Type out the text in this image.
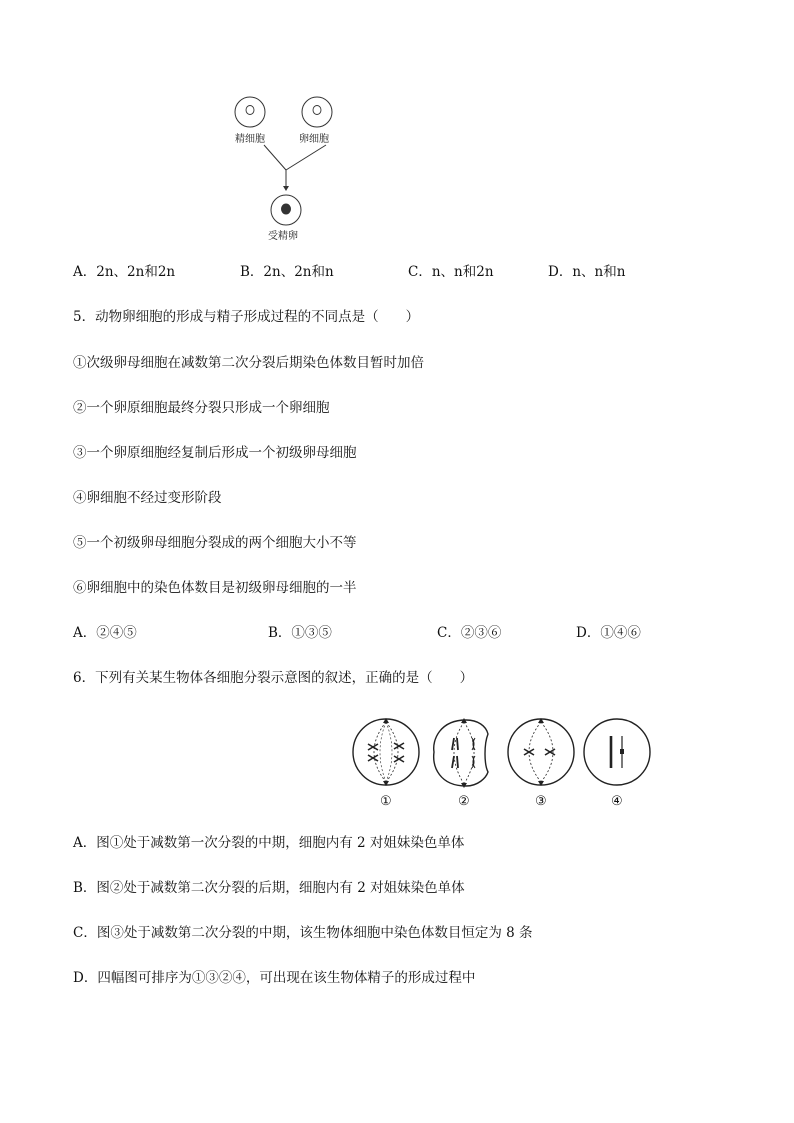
精细胞	卵细胞
受精卵
A．2n、2n和2n	B．2n、2n和n	C．n、n和2n	D．n、n和n
5．动物卵细胞的形成与精子形成过程的不同点是（　　）
①次级卵母细胞在减数第二次分裂后期染色体数目暂时加倍
②一个卵原细胞最终分裂只形成一个卵细胞
③一个卵原细胞经复制后形成一个初级卵母细胞
④卵细胞不经过变形阶段
⑤一个初级卵母细胞分裂成的两个细胞大小不等
⑥卵细胞中的染色体数目是初级卵母细胞的一半
A．②④⑤	B．①③⑤	C．②③⑥	D．①④⑥
6．下列有关某生物体各细胞分裂示意图的叙述，正确的是（　　）
①	②	③	④
A．图①处于减数第一次分裂的中期，细胞内有 2 对姐妹染色单体
B．图②处于减数第二次分裂的后期，细胞内有 2 对姐妹染色单体
C．图③处于减数第二次分裂的中期，该生物体细胞中染色体数目恒定为 8 条
D．四幅图可排序为①③②④，可出现在该生物体精子的形成过程中
